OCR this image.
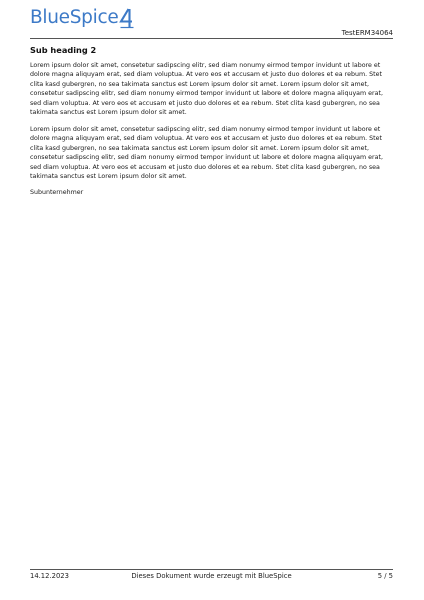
BlueSpice
TestERM34064
Sub heading 2

Lorem ipsum dolor sit amet, consetetur sadipscing elitr, sed diam nonumy eirmod tempor invidunt ut labore et dolore magna aliquyam erat, sed diam voluptua. At vero eos et accusam et justo duo dolores et ea rebum. Stet clita kasd gubergren, no sea takimata sanctus est Lorem ipsum dolor sit amet. Lorem ipsum dolor sit amet, consetetur sadipscing elitr, sed diam nonumy eirmod tempor invidunt ut labore et dolore magna aliquyam erat, sed diam voluptua. At vero eos et accusam et justo duo dolores et ea rebum. Stet clita kasd gubergren, no sea takimata sanctus est Lorem ipsum dolor sit amet.

Lorem ipsum dolor sit amet, consetetur sadipscing elitr, sed diam nonumy eirmod tempor invidunt ut labore et dolore magna aliquyam erat, sed diam voluptua. At vero eos et accusam et justo duo dolores et ea rebum. Stet clita kasd gubergren, no sea takimata sanctus est Lorem ipsum dolor sit amet. Lorem ipsum dolor sit amet, consetetur sadipscing elitr, sed diam nonumy eirmod tempor invidunt ut labore et dolore magna aliquyam erat, sed diam voluptua. At vero eos et accusam et justo duo dolores et ea rebum. Stet clita kasd gubergren, no sea takimata sanctus est Lorem ipsum dolor sit amet.

Subunternehmer

14.12.2023	Dieses Dokument wurde erzeugt mit BlueSpice	5 / 5
